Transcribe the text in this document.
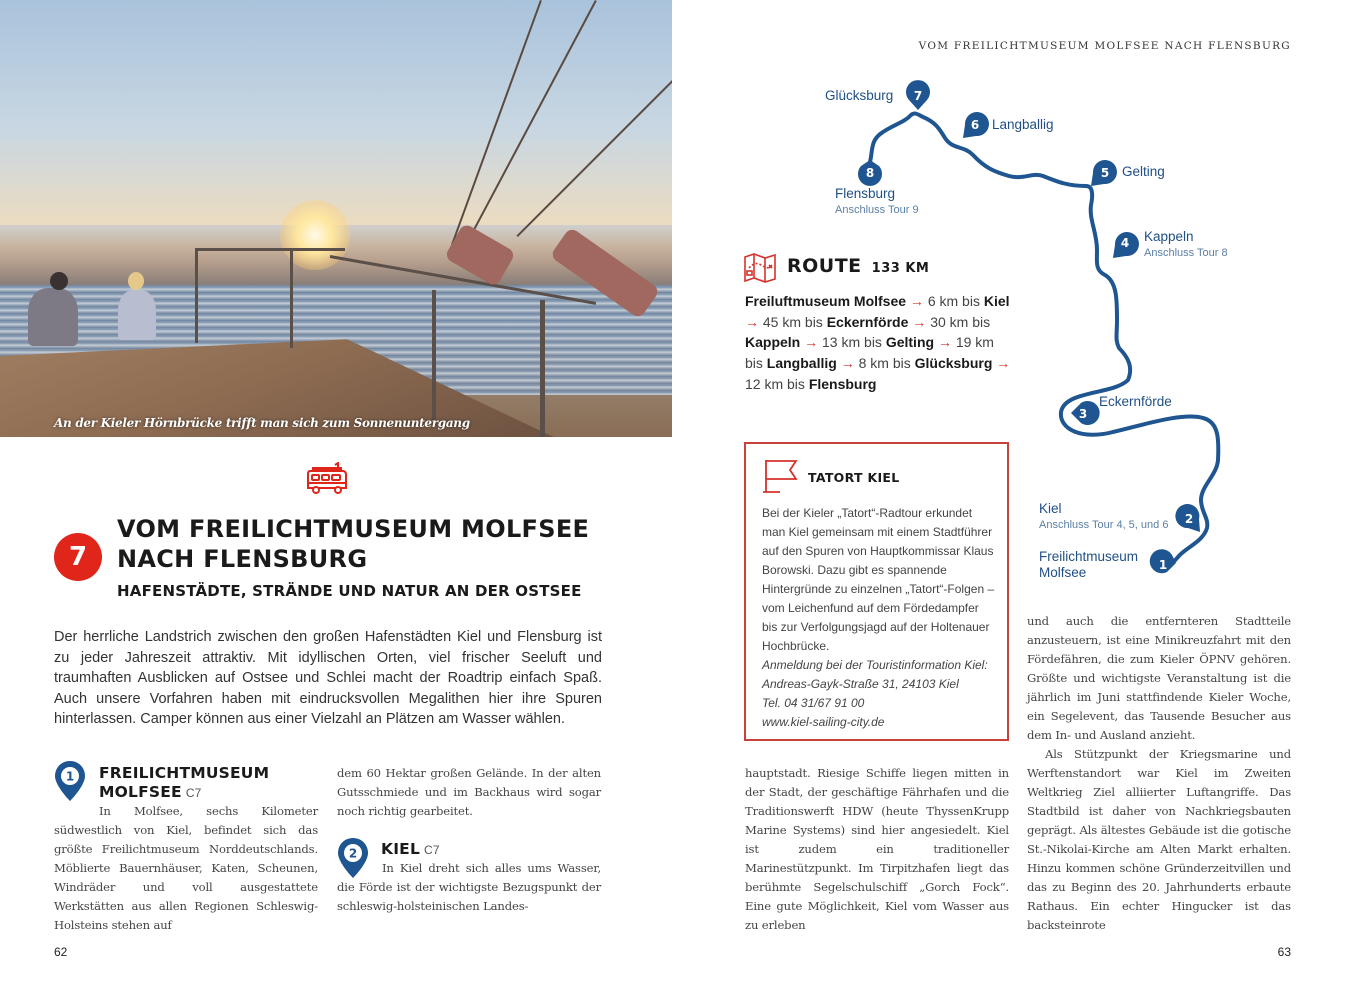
An der Kieler Hörnbrücke trifft man sich zum Sonnenuntergang
7
VOM FREILICHTMUSEUM MOLFSEE
NACH FLENSBURG
HAFENSTÄDTE, STRÄNDE UND NATUR AN DER OSTSEE

Der herrliche Landstrich zwischen den großen Hafenstädten Kiel und Flensburg ist zu jeder Jahreszeit attraktiv. Mit idyllischen Orten, viel frischer Seeluft und traumhaften Ausblicken auf Ostsee und Schlei macht der Roadtrip einfach Spaß. Auch unsere Vorfahren haben mit eindrucksvollen Megalithen hier ihre Spuren hinterlassen. Camper können aus einer Vielzahl an Plätzen am Wasser wählen.

1 FREILICHTMUSEUM
MOLFSEE C7

In Molfsee, sechs Kilometer südwestlich von Kiel, befindet sich das größte Freilichtmuseum Norddeutschlands. Möblierte Bauernhäuser, Katen, Scheunen, Windräder und voll ausgestattete Werkstätten aus allen Regionen Schleswig-Holsteins stehen auf

dem 60 Hektar großen Gelände. In der alten Gutsschmiede und im Backhaus wird sogar noch richtig gearbeitet.

2 KIEL C7

In Kiel dreht sich alles ums Wasser, die Förde ist der wichtigste Bezugspunkt der schleswig-holsteinischen Landes-

62
VOM FREILICHTMUSEUM MOLFSEE NACH FLENSBURG
7
6
8	5
4
3
2
1
Glücksburg
Langballig
Flensburg
Anschluss Tour 9
Gelting
Kappeln
Anschluss Tour 8
Eckernförde
Kiel
Anschluss Tour 4, 5, und 6
Freilichtmuseum Molfsee
ROUTE 133 KM
Freiluftmuseum Molfsee → 6 km bis Kiel → 45 km bis Eckernförde → 30 km bis Kappeln → 13 km bis Gelting → 19 km bis Langballig → 8 km bis Glücksburg → 12 km bis Flensburg
TATORT KIEL

Bei der Kieler „Tatort“-Radtour erkundet man Kiel gemeinsam mit einem Stadtführer auf den Spuren von Hauptkommissar Klaus Borowski. Dazu gibt es spannende Hintergründe zu einzelnen „Tatort“-Folgen – vom Leichenfund auf dem Fördedampfer bis zur Verfolgungsjagd auf der Holtenauer Hochbrücke.

Anmeldung bei der Touristinformation Kiel:

Andreas-Gayk-Straße 31, 24103 Kiel

Tel. 04 31/67 91 00

www.kiel-sailing-city.de

hauptstadt. Riesige Schiffe liegen mitten in der Stadt, der geschäftige Fährhafen und die Traditionswerft HDW (heute ThyssenKrupp Marine Systems) sind hier angesiedelt. Kiel ist zudem ein traditioneller Marinestützpunkt. Im Tirpitzhafen liegt das berühmte Segelschulschiff „Gorch Fock“. Eine gute Möglichkeit, Kiel vom Wasser aus zu erleben

und auch die entfernteren Stadtteile anzusteuern, ist eine Minikreuzfahrt mit den Fördefähren, die zum Kieler ÖPNV gehören. Größte und wichtigste Veranstaltung ist die jährlich im Juni stattfindende Kieler Woche, ein Segelevent, das Tausende Besucher aus dem In- und Ausland anzieht.

Als Stützpunkt der Kriegsmarine und Werftenstandort war Kiel im Zweiten Weltkrieg Ziel alliierter Luftangriffe. Das Stadtbild ist daher von Nachkriegsbauten geprägt. Als ältestes Gebäude ist die gotische St.-Nikolai-Kirche am Alten Markt erhalten. Hinzu kommen schöne Gründerzeitvillen und das zu Beginn des 20. Jahrhunderts erbaute Rathaus. Ein echter Hingucker ist das backsteinrote

63
